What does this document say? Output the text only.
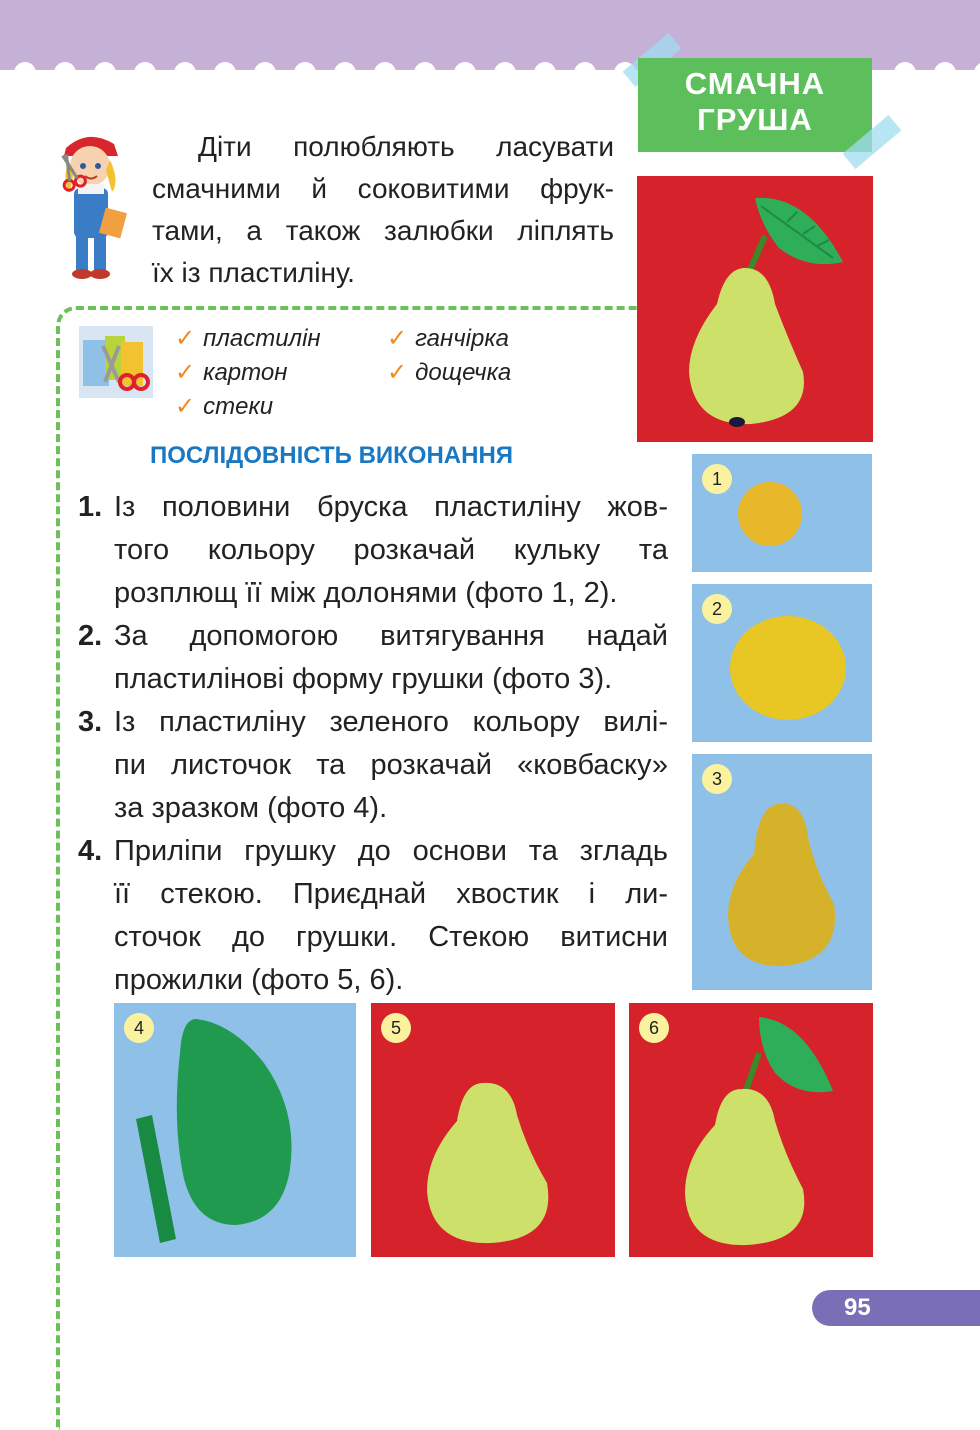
СМАЧНА
ГРУША

Діти полюбляють ласувати
смачними й соковитими фрук-
тами, а також залюбки ліплять
їх із пластиліну.

✓ пластилін
✓ картон
✓ стеки
✓ ганчірка
✓ дощечка
ПОСЛІДОВНІСТЬ ВИКОНАННЯ
1. Із половини бруска пластиліну жов-
того кольору розкачай кульку та
розплющ її між долонями (фото 1, 2).
2. За допомогою витягування надай
пластиліновi форму грушки (фото 3).
3. Із пластиліну зеленого кольору вилі-
пи листочок та розкачай «ковбаску»
за зразком (фото 4).
4. Приліпи грушку до основи та згладь
її стекою. Приєднай хвостик і ли-
сточок до грушки. Стекою витисни
прожилки (фото 5, 6).
1
2
3
4	5	6
95
